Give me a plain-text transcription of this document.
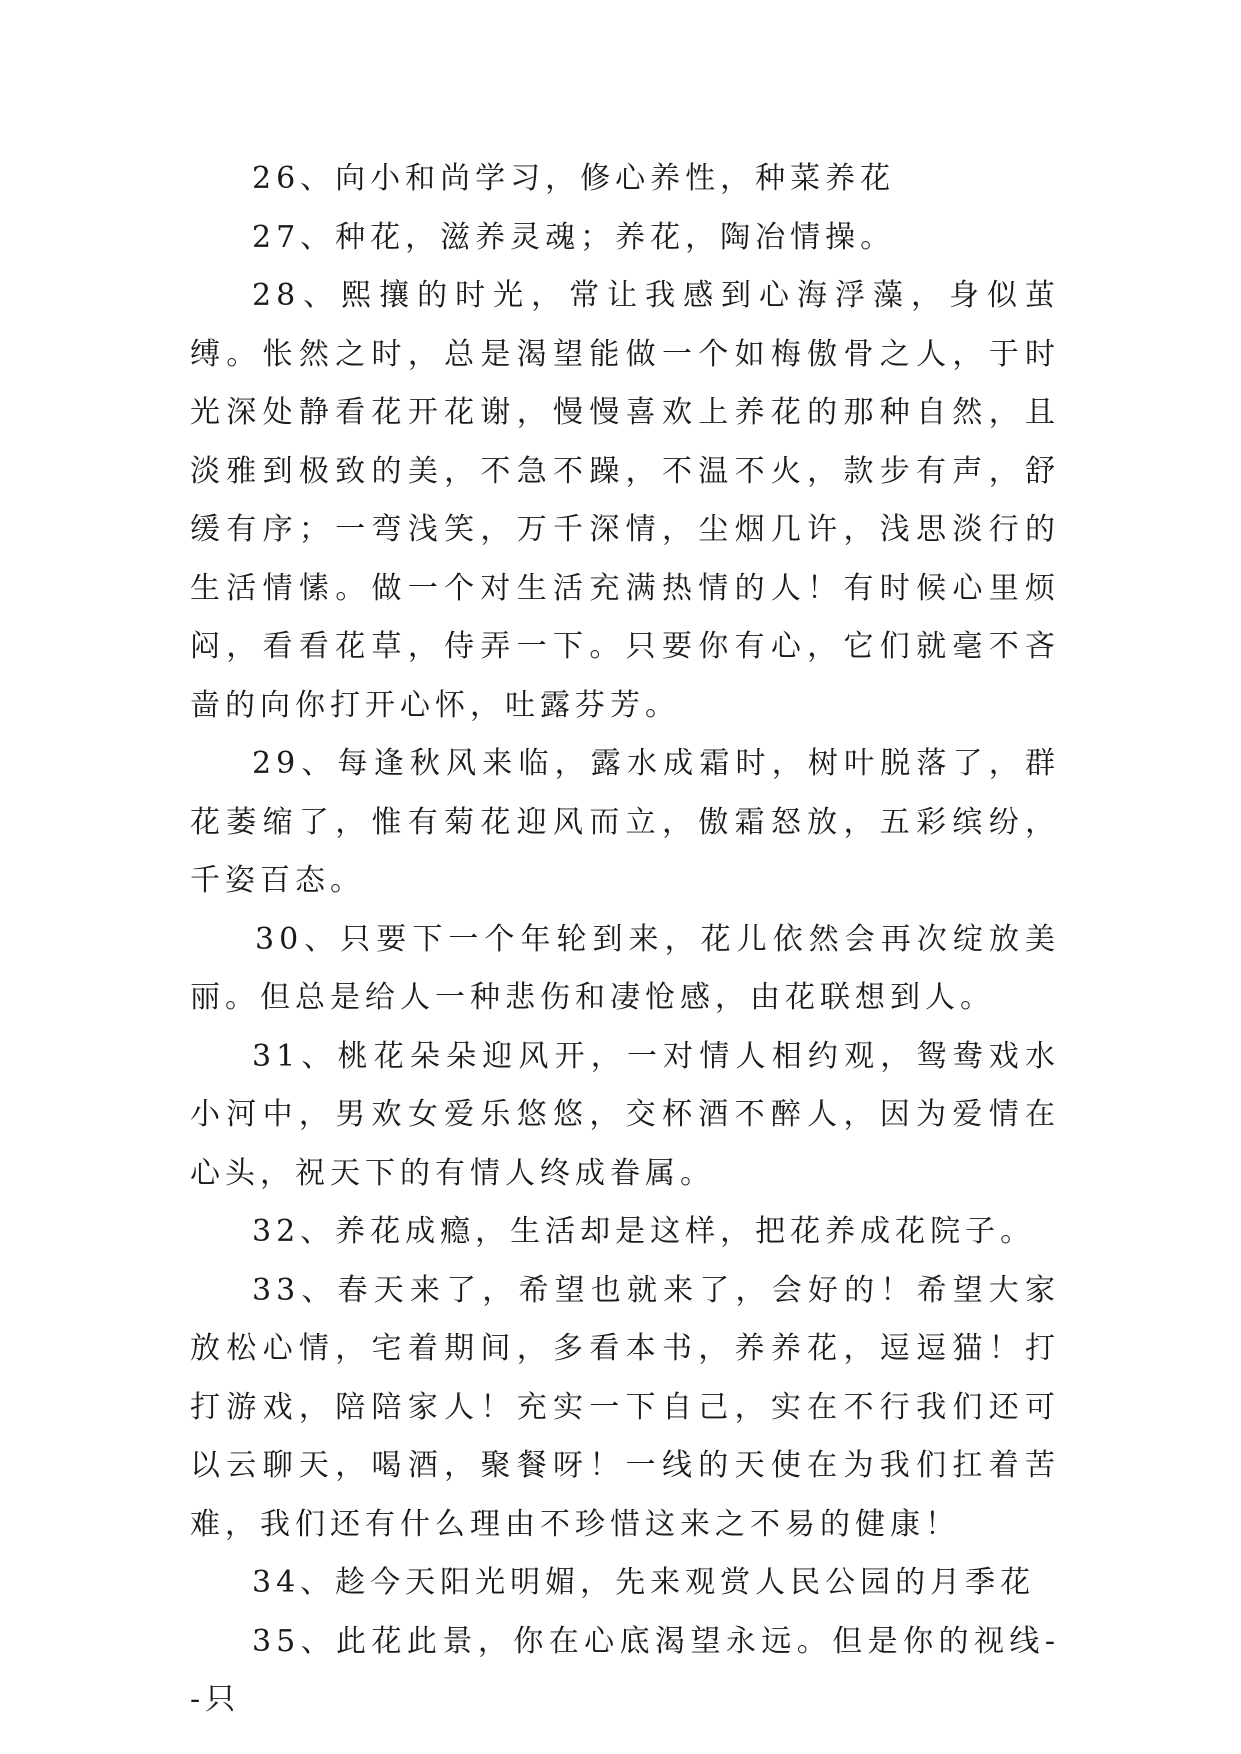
26、向小和尚学习，修心养性，种菜养花

27、种花，滋养灵魂；养花，陶冶情操。

28、熙攘的时光，常让我感到心海浮藻，身似茧缚。怅然之时，总是渴望能做一个如梅傲骨之人，于时光深处静看花开花谢，慢慢喜欢上养花的那种自然，且淡雅到极致的美，不急不躁，不温不火，款步有声，舒缓有序；一弯浅笑，万千深情，尘烟几许，浅思淡行的生活情愫。做一个对生活充满热情的人！有时候心里烦闷，看看花草，侍弄一下。只要你有心，它们就毫不吝啬的向你打开心怀，吐露芬芳。

29、每逢秋风来临，露水成霜时，树叶脱落了，群花萎缩了，惟有菊花迎风而立，傲霜怒放，五彩缤纷，千姿百态。

30、只要下一个年轮到来，花儿依然会再次绽放美丽。但总是给人一种悲伤和凄怆感，由花联想到人。

31、桃花朵朵迎风开，一对情人相约观，鸳鸯戏水小河中，男欢女爱乐悠悠，交杯酒不醉人，因为爱情在心头，祝天下的有情人终成眷属。

32、养花成瘾，生活却是这样，把花养成花院子。

33、春天来了，希望也就来了，会好的！希望大家放松心情，宅着期间，多看本书，养养花，逗逗猫！打打游戏，陪陪家人！充实一下自己，实在不行我们还可以云聊天，喝酒，聚餐呀！一线的天使在为我们扛着苦难，我们还有什么理由不珍惜这来之不易的健康！

34、趁今天阳光明媚，先来观赏人民公园的月季花

35、此花此景，你在心底渴望永远。但是你的视线--只
